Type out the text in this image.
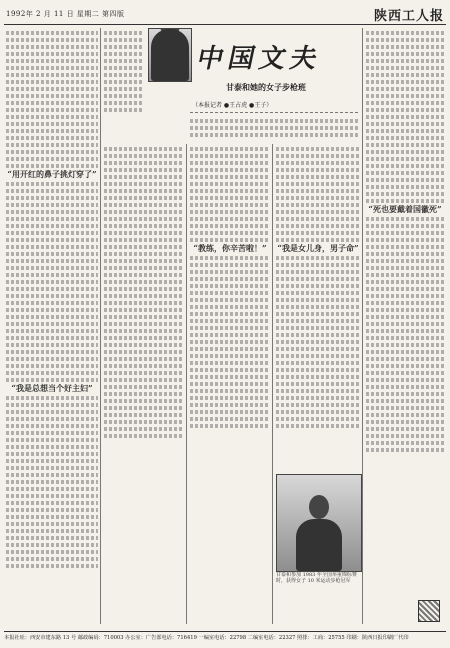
1992年 2 月 11 日 星期二 第四版	陕西工人报
“用开红的鼻子挑灯穿了”
“我是总想当个好主妇”
中国文夫
甘泰和她的女子步枪班
（本报记者 ●王占虎 ●王子）
“教练，你辛苦啦！”	“我是女儿身，男子命”
甘泰和参加 1983 年全国举重锦标赛时，获得女子 10 米运动步枪冠军
“死也要戴着国徽死”
本报社址：西安市建东路 13 号 邮政编码：710003 办公室：广告部电话：716419 一编室电话：22798 二编室电话：22327 照排：工商：25755 印刷：陕西日报印刷厂代印
